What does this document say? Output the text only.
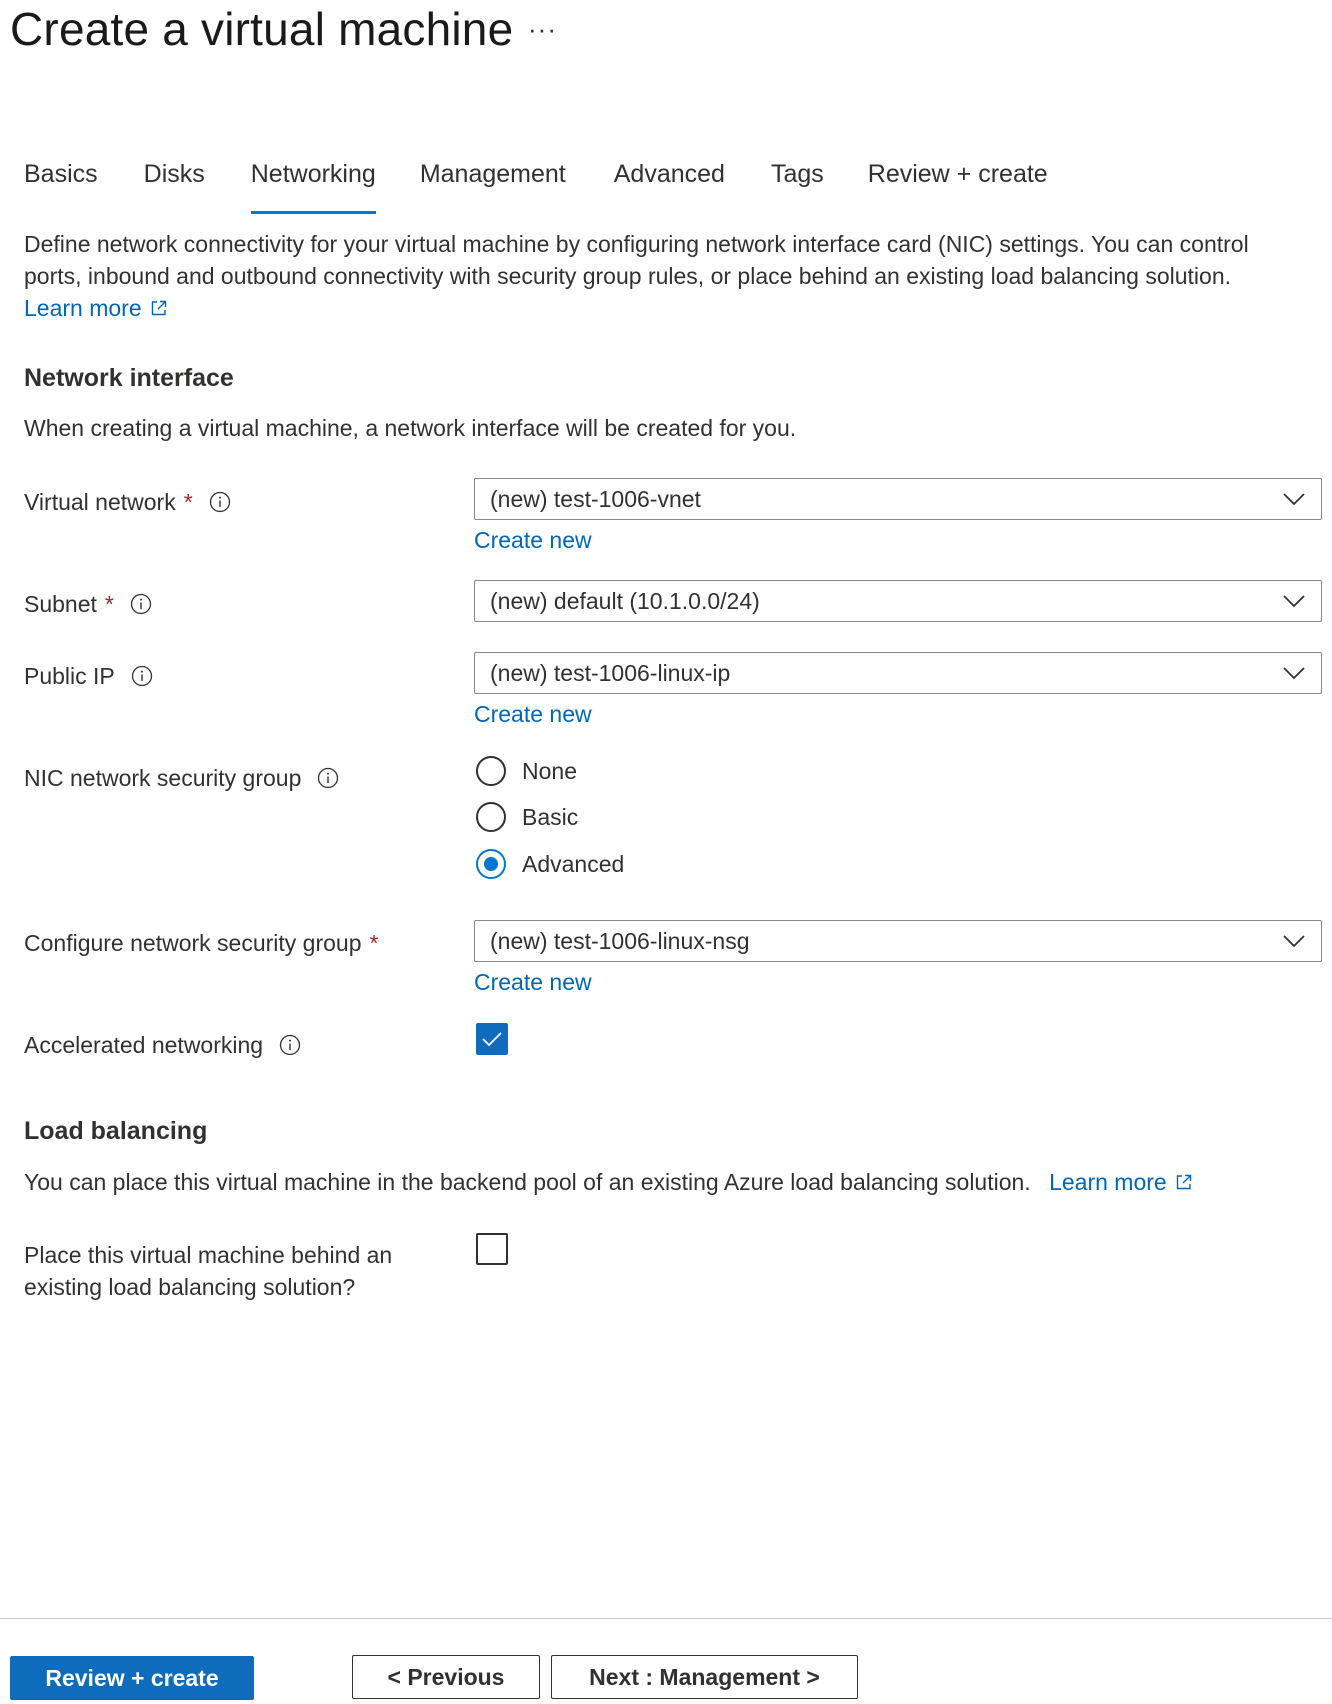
Create a virtual machine ···
Basics Disks Networking Management Advanced Tags Review + create
Define network connectivity for your virtual machine by configuring network interface card (NIC) settings. You can control
ports, inbound and outbound connectivity with security group rules, or place behind an existing load balancing solution.
Learn more
Network interface
When creating a virtual machine, a network interface will be created for you.
Virtual network *	(new) test-1006-vnet
Create new
Subnet *	(new) default (10.1.0.0/24)
Public IP	(new) test-1006-linux-ip
Create new
NIC network security group	None
Basic
Advanced
Configure network security group *	(new) test-1006-linux-nsg
Create new
Accelerated networking
Load balancing
You can place this virtual machine in the backend pool of an existing Azure load balancing solution. Learn more
Place this virtual machine behind an
existing load balancing solution?
Review + create	< Previous	Next : Management >
